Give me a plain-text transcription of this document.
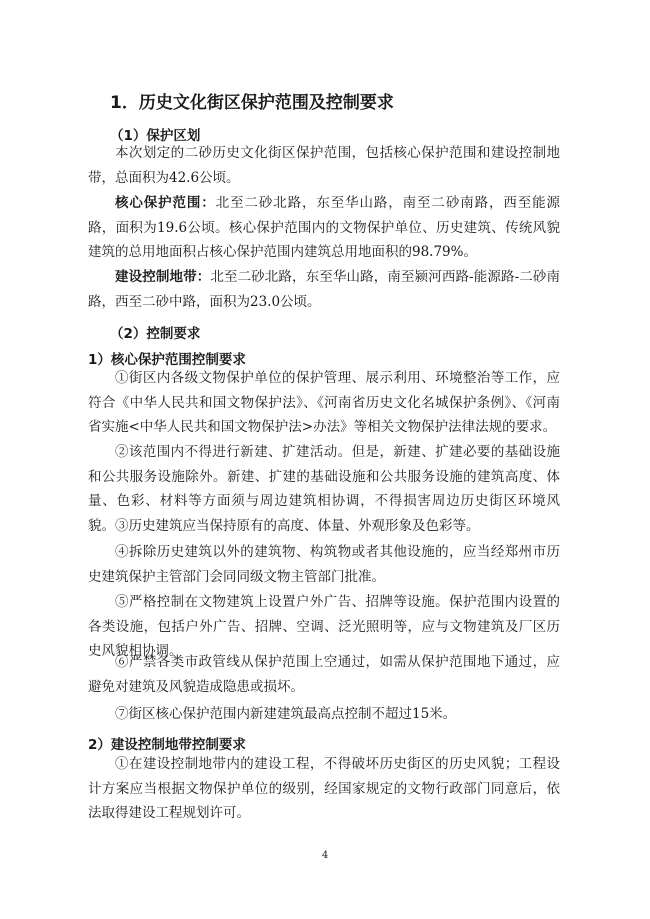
1．历史文化街区保护范围及控制要求
（1）保护区划
本次划定的二砂历史文化街区保护范围，包括核心保护范围和建设控制地带，总面积为42.6公顷。
核心保护范围：北至二砂北路，东至华山路，南至二砂南路，西至能源路，面积为19.6公顷。核心保护范围内的文物保护单位、历史建筑、传统风貌建筑的总用地面积占核心保护范围内建筑总用地面积的98.79%。
建设控制地带：北至二砂北路，东至华山路，南至颍河西路-能源路-二砂南路，西至二砂中路，面积为23.0公顷。
（2）控制要求
1）核心保护范围控制要求
①街区内各级文物保护单位的保护管理、展示利用、环境整治等工作，应符合《中华人民共和国文物保护法》、《河南省历史文化名城保护条例》、《河南省实施<中华人民共和国文物保护法>办法》等相关文物保护法律法规的要求。
②该范围内不得进行新建、扩建活动。但是，新建、扩建必要的基础设施和公共服务设施除外。新建、扩建的基础设施和公共服务设施的建筑高度、体量、色彩、材料等方面须与周边建筑相协调，不得损害周边历史街区环境风貌。 ③历史建筑应当保持原有的高度、体量、外观形象及色彩等。
④拆除历史建筑以外的建筑物、构筑物或者其他设施的，应当经郑州市历史建筑保护主管部门会同同级文物主管部门批准。
⑤严格控制在文物建筑上设置户外广告、招牌等设施。保护范围内设置的各类设施，包括户外广告、招牌、空调、泛光照明等，应与文物建筑及厂区历史风貌相协调。
⑥严禁各类市政管线从保护范围上空通过，如需从保护范围地下通过，应避免对建筑及风貌造成隐患或损坏。
⑦街区核心保护范围内新建建筑最高点控制不超过15米。
2）建设控制地带控制要求
①在建设控制地带内的建设工程，不得破坏历史街区的历史风貌；工程设计方案应当根据文物保护单位的级别，经国家规定的文物行政部门同意后，依法取得建设工程规划许可。
4
